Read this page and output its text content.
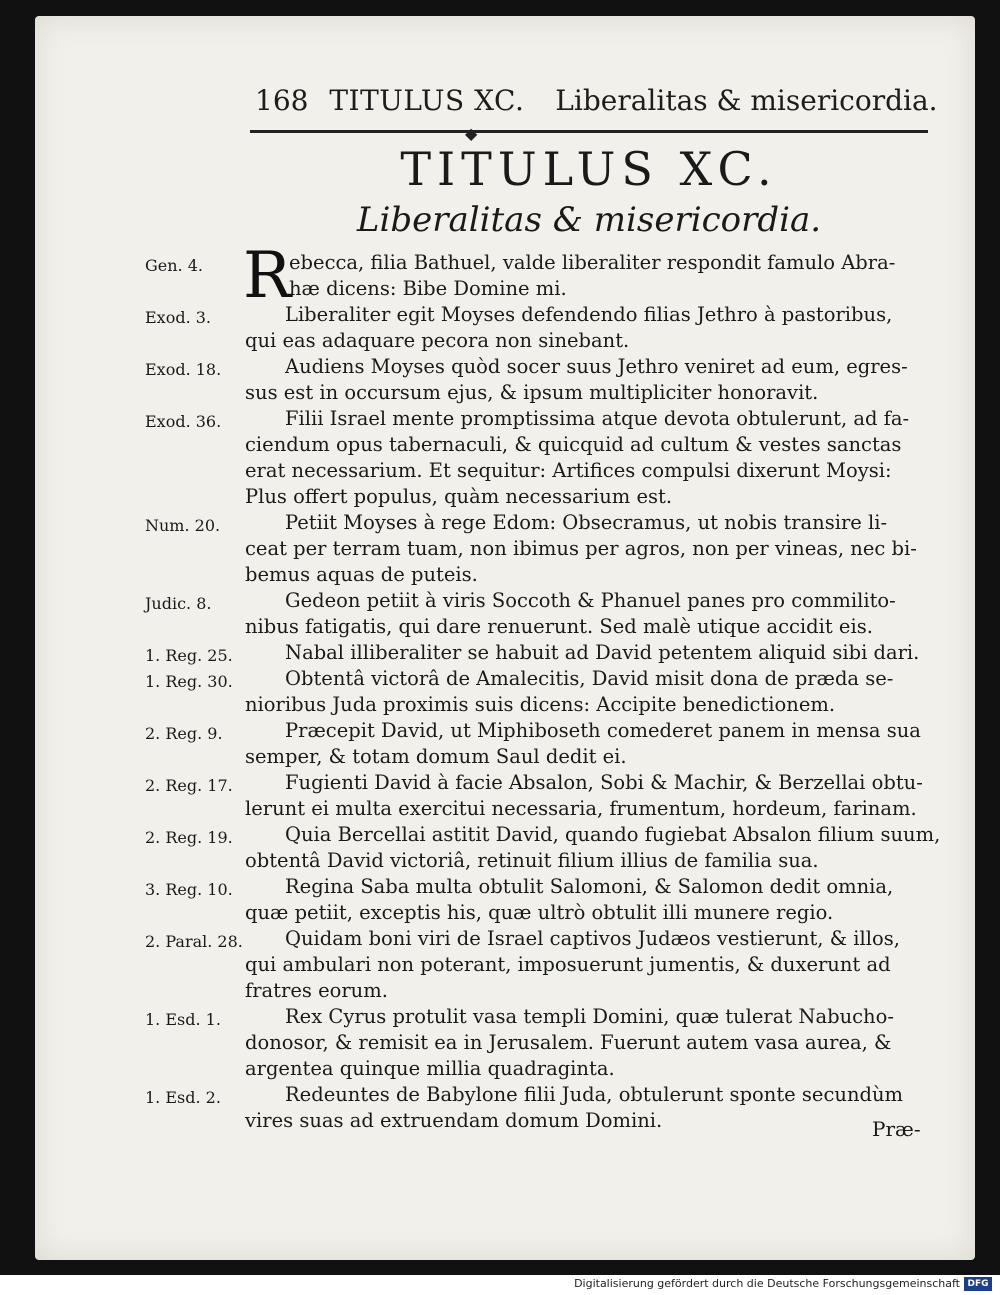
168 TITULUS XC. Liberalitas & misericordia.
◆
TITULUS XC.
Liberalitas & misericordia.
Gen. 4. R
ebecca, filia Bathuel, valde liberaliter respondit famulo Abra-
hæ dicens: Bibe Domine mi.
Exod. 3.	Liberaliter egit Moyses defendendo filias Jethro à pastoribus,
qui eas adaquare pecora non sinebant.
Exod. 18.	Audiens Moyses quòd socer suus Jethro veniret ad eum, egres-
sus est in occursum ejus, & ipsum multipliciter honoravit.
Exod. 36.	Filii Israel mente promptissima atque devota obtulerunt, ad fa-
ciendum opus tabernaculi, & quicquid ad cultum & vestes sanctas
erat necessarium. Et sequitur: Artifices compulsi dixerunt Moysi:
Plus offert populus, quàm necessarium est.
Num. 20.	Petiit Moyses à rege Edom: Obsecramus, ut nobis transire li-
ceat per terram tuam, non ibimus per agros, non per vineas, nec bi-
bemus aquas de puteis.
Judic. 8.	Gedeon petiit à viris Soccoth & Phanuel panes pro commilito-
nibus fatigatis, qui dare renuerunt. Sed malè utique accidit eis.
1. Reg. 25.	Nabal illiberaliter se habuit ad David petentem aliquid sibi dari.
1. Reg. 30.	Obtentâ victorâ de Amalecitis, David misit dona de præda se-
nioribus Juda proximis suis dicens: Accipite benedictionem.
2. Reg. 9.	Præcepit David, ut Miphiboseth comederet panem in mensa sua
semper, & totam domum Saul dedit ei.
2. Reg. 17.	Fugienti David à facie Absalon, Sobi & Machir, & Berzellai obtu-
lerunt ei multa exercitui necessaria, frumentum, hordeum, farinam.
2. Reg. 19.	Quia Bercellai astitit David, quando fugiebat Absalon filium suum,
obtentâ David victoriâ, retinuit filium illius de familia sua.
3. Reg. 10.	Regina Saba multa obtulit Salomoni, & Salomon dedit omnia,
quæ petiit, exceptis his, quæ ultrò obtulit illi munere regio.
2. Paral. 28.	Quidam boni viri de Israel captivos Judæos vestierunt, & illos,
qui ambulari non poterant, imposuerunt jumentis, & duxerunt ad
fratres eorum.
1. Esd. 1.	Rex Cyrus protulit vasa templi Domini, quæ tulerat Nabucho-
donosor, & remisit ea in Jerusalem. Fuerunt autem vasa aurea, &
argentea quinque millia quadraginta.
1. Esd. 2.	Redeuntes de Babylone filii Juda, obtulerunt sponte secundùm
vires suas ad extruendam domum Domini.	Præ-
Digitalisierung gefördert durch die Deutsche Forschungsgemeinschaft DFG
